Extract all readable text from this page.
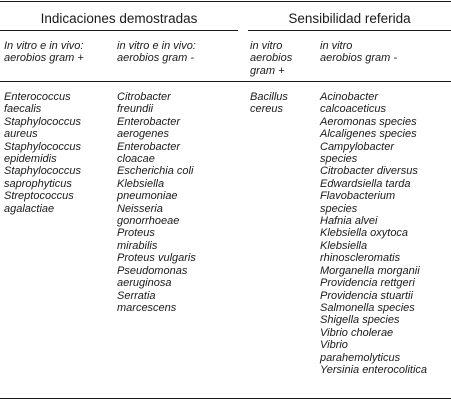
Indicaciones demostradas	Sensibilidad referida
In vitro e in vivo:
aerobios gram +
in vitro e in vivo:
aerobios gram -
in vitro
aerobios
gram +
in vitro
aerobios gram -
Enterococcus
faecalis
Staphylococcus
aureus
Staphylococcus
epidemidis
Staphylococcus
saprophyticus
Streptococcus
agalactiae
Citrobacter
freundii
Enterobacter
aerogenes
Enterobacter
cloacae
Escherichia coli
Klebsiella
pneumoniae
Neisseria
gonorrhoeae
Proteus
mirabilis
Proteus vulgaris
Pseudomonas
aeruginosa
Serratia
marcescens
Bacillus
cereus
Acinobacter
calcoaceticus
Aeromonas species
Alcaligenes species
Campylobacter
species
Citrobacter diversus
Edwardsiella tarda
Flavobacterium
species
Hafnia alvei
Klebsiella oxytoca
Klebsiella
rhinoscleromatis
Morganella morganii
Providencia rettgeri
Providencia stuartii
Salmonella species
Shigella species
Vibrio cholerae
Vibrio
parahemolyticus
Yersinia enterocolitica
